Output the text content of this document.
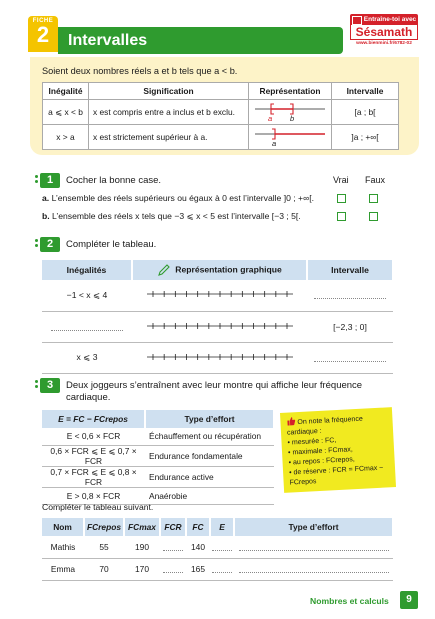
FICHE
2	Intervalles
Entraîne-toi avec
Sésamath
www.bienmini.fr/6782-02
Soient deux nombres réels a et b tels que a < b.
Inégalité	Signification	Représentation	Intervalle
a ⩽ x < b	x est compris entre a inclus et b exclu.	a b	[a ; b[
x > a	x est strictement supérieur à a.	a	]a ; +∞[
1	Cocher la bonne case.	Vrai Faux
a. L’ensemble des réels supérieurs ou égaux à 0 est l’intervalle ]0 ; +∞[.
b. L’ensemble des réels x tels que −3 ⩽ x < 5 est l’intervalle [−3 ; 5[.
2	Compléter le tableau.
Inégalités	Représentation graphique	Intervalle
−1 < x ⩽ 4		
		[−2,3 ; 0]
x ⩽ 3		
3	Deux joggeurs s’entraînent avec leur montre qui affiche leur fréquence cardiaque.
E = FC − FCrepos	Type d’effort
E < 0,6 × FCR	Échauffement ou récupération
0,6 × FCR ⩽ E ⩽ 0,7 × FCR	Endurance fondamentale
0,7 × FCR ⩽ E ⩽ 0,8 × FCR	Endurance active
E > 0,8 × FCR	Anaérobie
On note la fréquence cardiaque :
• mesurée : FC,
• maximale : FCmax,
• au repos : FCrepos,
• de réserve : FCR = FCmax − FCrepos
Compléter le tableau suivant.
Nom	FCrepos	FCmax	FCR	FC	E	Type d’effort
Mathis	55	190		140		
Emma	70	170		165		
Nombres et calculs	9
